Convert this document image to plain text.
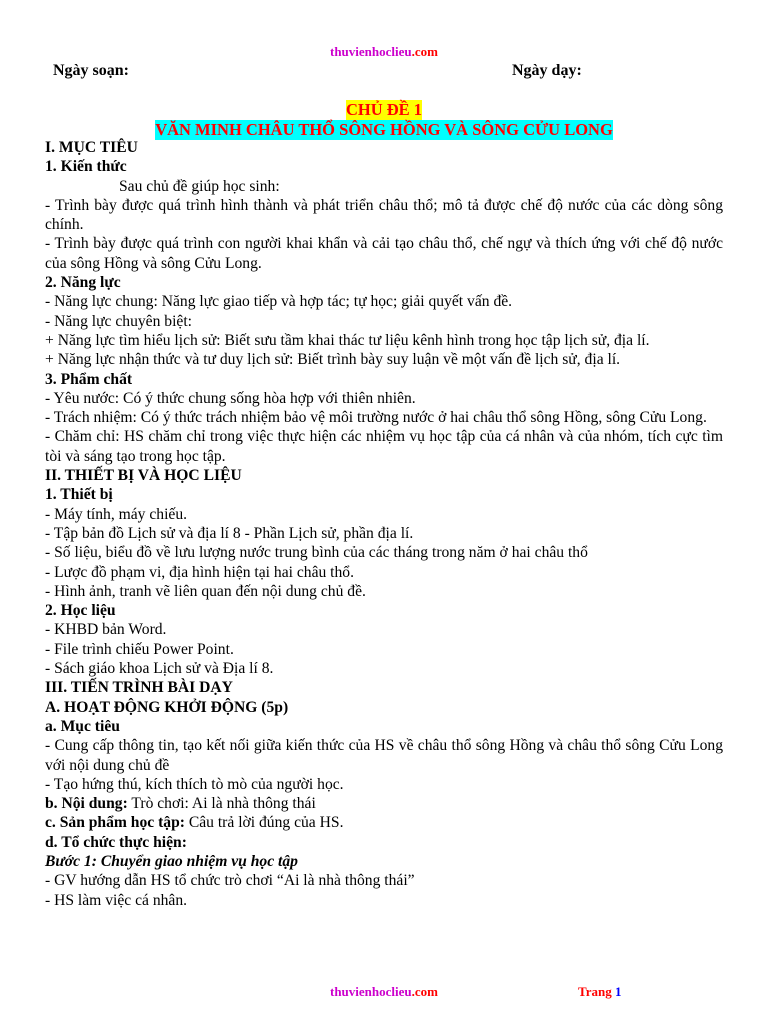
thuvienhoclieu.com
Ngày soạn:	Ngày dạy:
CHỦ ĐỀ 1
VĂN MINH CHÂU THỔ SÔNG HỒNG VÀ SÔNG CỬU LONG

I. MỤC TIÊU

1. Kiến thức

Sau chủ đề giúp học sinh:

- Trình bày được quá trình hình thành và phát triển châu thổ; mô tả được chế độ nước của các dòng sông chính.

- Trình bày được quá trình con người khai khẩn và cải tạo châu thổ, chế ngự và thích ứng với chế độ nước của sông Hồng và sông Cửu Long.

2. Năng lực

- Năng lực chung: Năng lực giao tiếp và hợp tác; tự học; giải quyết vấn đề.

- Năng lực chuyên biệt:

+ Năng lực tìm hiểu lịch sử: Biết sưu tầm khai thác tư liệu kênh hình trong học tập lịch sử, địa lí.

+ Năng lực nhận thức và tư duy lịch sử: Biết trình bày suy luận về một vấn đề lịch sử, địa lí.

3. Phẩm chất

- Yêu nước: Có ý thức chung sống hòa hợp với thiên nhiên.

- Trách nhiệm: Có ý thức trách nhiệm bảo vệ môi trường nước ở hai châu thổ sông Hồng, sông Cửu Long.

- Chăm chỉ: HS chăm chỉ trong việc thực hiện các nhiệm vụ học tập của cá nhân và của nhóm, tích cực tìm tòi và sáng tạo trong học tập.

II. THIẾT BỊ VÀ HỌC LIỆU

1. Thiết bị

- Máy tính, máy chiếu.

- Tập bản đồ Lịch sử và địa lí 8 - Phần Lịch sử, phần địa lí.

- Số liệu, biểu đồ về lưu lượng nước trung bình của các tháng trong năm ở hai châu thổ

- Lược đồ phạm vi, địa hình hiện tại hai châu thổ.

- Hình ảnh, tranh vẽ liên quan đến nội dung chủ đề.

2. Học liệu

- KHBD bản Word.

- File trình chiếu Power Point.

- Sách giáo khoa Lịch sử và Địa lí 8.

III. TIẾN TRÌNH BÀI DẠY

A. HOẠT ĐỘNG KHỞI ĐỘNG (5p)

a. Mục tiêu

- Cung cấp thông tin, tạo kết nối giữa kiến thức của HS về châu thổ sông Hồng và châu thổ sông Cửu Long với nội dung chủ đề

- Tạo hứng thú, kích thích tò mò của người học.

b. Nội dung: Trò chơi: Ai là nhà thông thái

c. Sản phẩm học tập: Câu trả lời đúng của HS.

d. Tổ chức thực hiện:

Bước 1: Chuyển giao nhiệm vụ học tập

- GV hướng dẫn HS tổ chức trò chơi “Ai là nhà thông thái”

- HS làm việc cá nhân.

thuvienhoclieu.com	Trang 1
